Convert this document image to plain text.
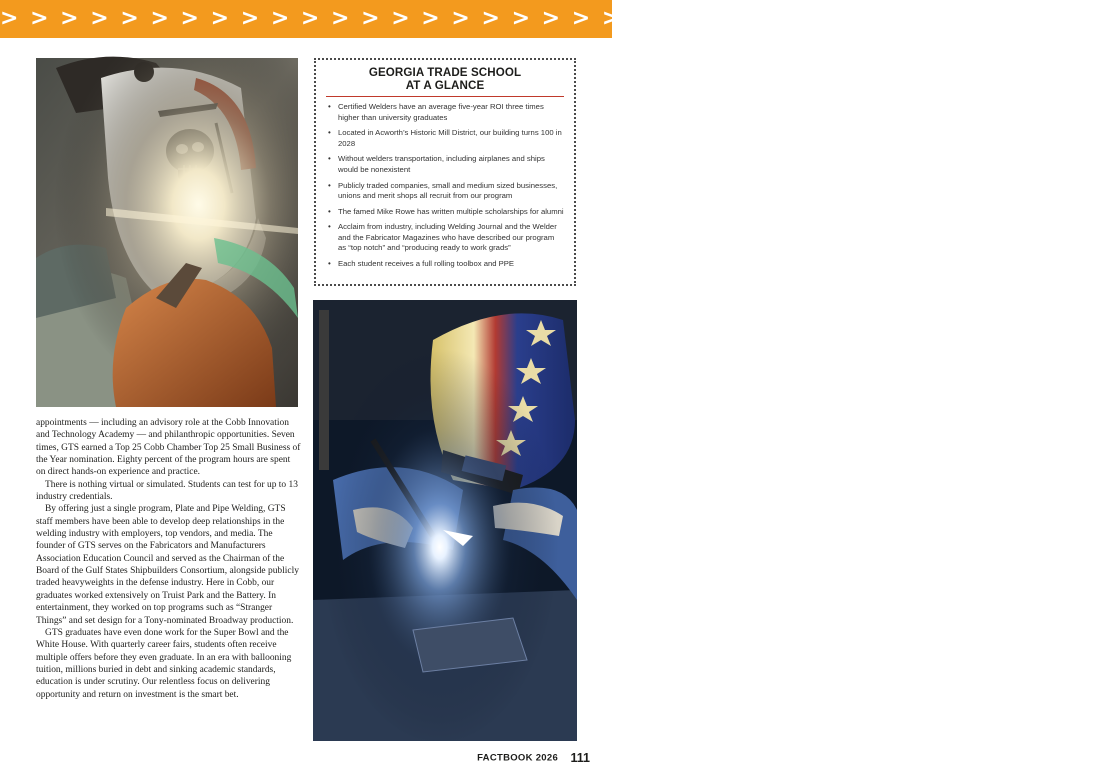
> > > > > > > > > > > > > > > > > > > > > > > > > > > > > > > > > > > > >
GEORGIA TRADE SCHOOL
AT A GLANCE
• Certified Welders have an average five-year ROI three times higher than university graduates
• Located in Acworth’s Historic Mill District, our building turns 100 in 2028
• Without welders transportation, including airplanes and ships would be nonexistent
• Publicly traded companies, small and medium sized businesses, unions and merit shops all recruit from our program
• The famed Mike Rowe has written multiple scholarships for alumni
• Acclaim from industry, including Welding Journal and the Welder and the Fabricator Magazines who have described our program as “top notch” and “producing ready to work grads”
• Each student receives a full rolling toolbox and PPE

appointments — including an advisory role at the Cobb Innovation and Technology Academy — and philanthropic opportunities. Seven times, GTS earned a Top 25 Cobb Chamber Top 25 Small Business of the Year nomination. Eighty percent of the program hours are spent on direct hands-on experience and practice.

There is nothing virtual or simulated. Students can test for up to 13 industry credentials.

By offering just a single program, Plate and Pipe Welding, GTS staff members have been able to develop deep relationships in the welding industry with employers, top vendors, and media. The founder of GTS serves on the Fabricators and Manufacturers Association Education Council and served as the Chairman of the Board of the Gulf States Shipbuilders Consortium, alongside publicly traded heavyweights in the defense industry. Here in Cobb, our graduates worked extensively on Truist Park and the Battery. In entertainment, they worked on top programs such as “Stranger Things” and set design for a Tony-nominated Broadway production.

GTS graduates have even done work for the Super Bowl and the White House. With quarterly career fairs, students often receive multiple offers before they even graduate. In an era with ballooning tuition, millions buried in debt and sinking academic standards, education is under scrutiny. Our relentless focus on delivering opportunity and return on investment is the smart bet.

FACTBOOK 2026 111
